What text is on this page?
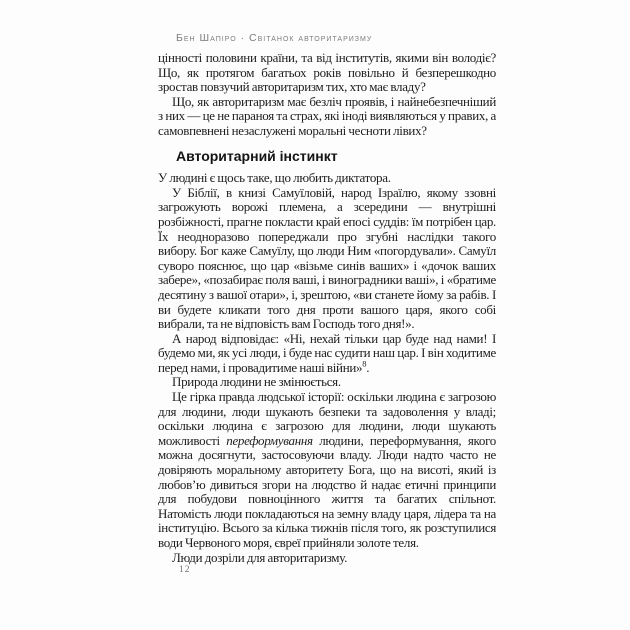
Бен Шапіро · Світанок авторитаризму

цінності половини країни, та від інститутів, якими він володіє? Що, як протягом багатьох років повільно й безперешкодно зростав повзучий авторитаризм тих, хто має владу?

Що, як авторитаризм має безліч проявів, і найнебезпечніший з них — це не параноя та страх, які іноді виявляються у правих, а самовпевнені незаслужені моральні чесноти лівих?

Авторитарний інстинкт

У людині є щось таке, що любить диктатора.

У Біблії, в книзі Самуїловій, народ Ізраїлю, якому ззовні загрожують ворожі племена, а зсередини — внутрішні розбіжності, прагне покласти край епосі суддів: їм потрібен цар. Їх неодноразово попереджали про згубні наслідки такого вибору. Бог каже Самуїлу, що люди Ним «погордували». Самуїл суворо пояснює, що цар «візьме синів ваших» і «дочок ваших забере», «позабирає поля ваші, і виноградники ваші», і «братиме десятину з вашої отари», і, зрештою, «ви станете йому за рабів. І ви будете кликати того дня проти вашого царя, якого собі вибрали, та не відповість вам Господь того дня!».

А народ відповідає: «Ні, нехай тільки цар буде над нами! І будемо ми, як усі люди, і буде нас судити наш цар. І він ходитиме перед нами, і провадитиме наші війни»$^8$.

Природа людини не змінюється.

Це гірка правда людської історії: оскільки людина є загрозою для людини, люди шукають безпеки та задоволення у владі; оскільки людина є загрозою для людини, люди шукають можливості переформування людини, переформування, якого можна досягнути, застосовуючи владу. Люди надто часто не довіряють моральному авторитету Бога, що на висоті, який із любов’ю дивиться згори на людство й надає етичні принципи для побудови повноцінного життя та багатих спільнот. Натомість люди покладаються на земну владу царя, лідера та на інституцію. Всього за кілька тижнів після того, як розступилися води Червоного моря, євреї прийняли золоте теля.

Люди дозріли для авторитаризму.

12
